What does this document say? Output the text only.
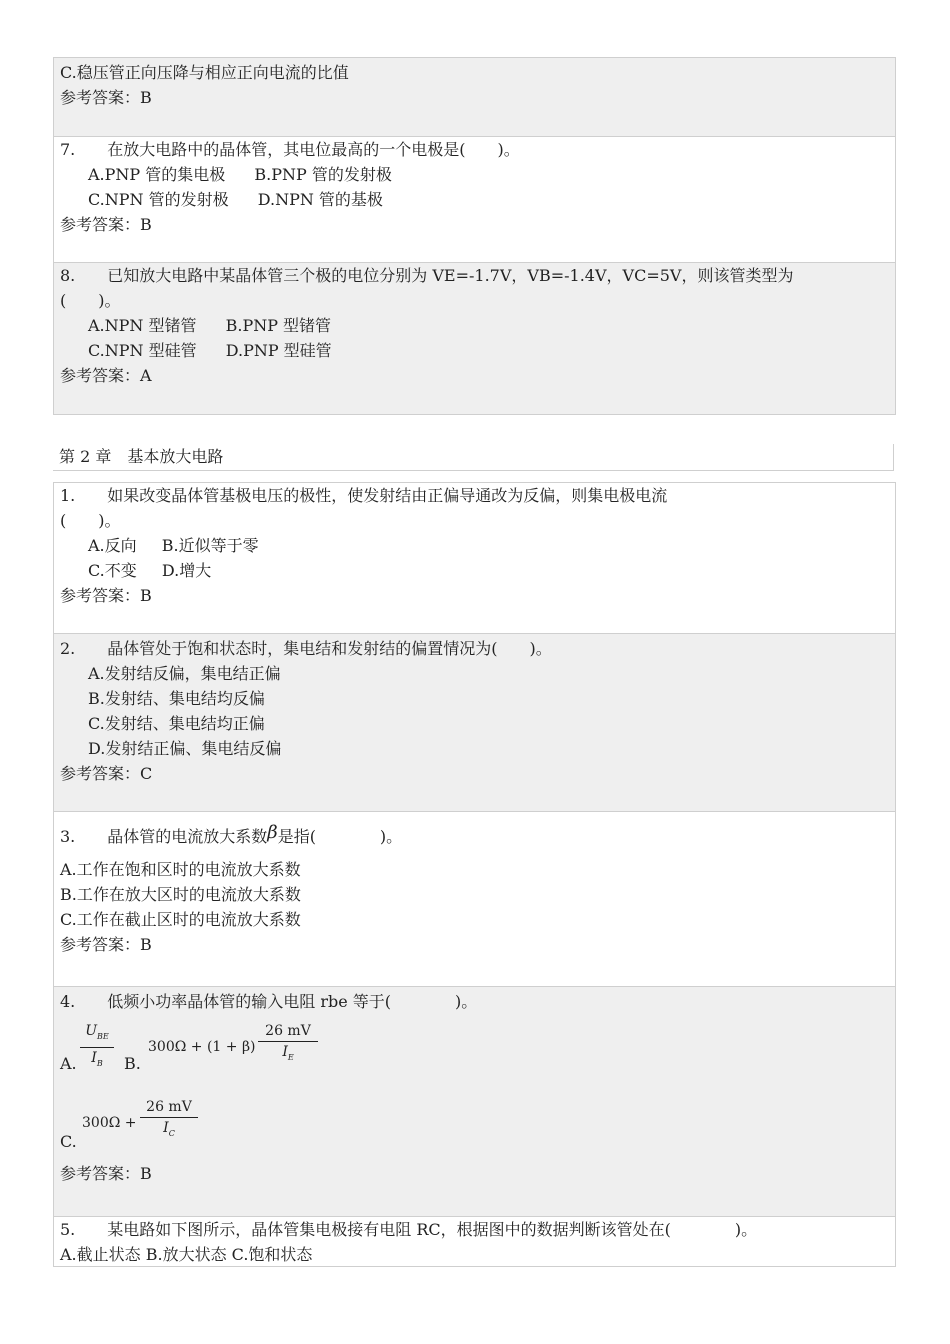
C.稳压管正向压降与相应正向电流的比值
参考答案：B
7.　　在放大电路中的晶体管，其电位最高的一个电极是(　　)。
A.PNP 管的集电极 B.PNP 管的发射极
C.NPN 管的发射极 D.NPN 管的基极
参考答案：B
8.　　已知放大电路中某晶体管三个极的电位分别为 VE=-1.7V，VB=-1.4V，VC=5V，则该管类型为
(　　)。
A.NPN 型锗管 B.PNP 型锗管
C.NPN 型硅管 D.PNP 型硅管
参考答案：A
第 2 章　基本放大电路
1.　　如果改变晶体管基极电压的极性，使发射结由正偏导通改为反偏，则集电极电流
(　　)。
A.反向 B.近似等于零
C.不变 D.增大
参考答案：B
2.　　晶体管处于饱和状态时，集电结和发射结的偏置情况为(　　)。
A.发射结反偏，集电结正偏
B.发射结、集电结均反偏
C.发射结、集电结均正偏
D.发射结正偏、集电结反偏
参考答案：C
3.　　晶体管的电流放大系数β是指(　　　　)。
A.工作在饱和区时的电流放大系数
B.工作在放大区时的电流放大系数
C.工作在截止区时的电流放大系数
参考答案：B
4.　　低频小功率晶体管的输入电阻 rbe 等于(　　　　)。
A.
$U_{BE}$
$I_B$	B.
300Ω + (1 + β)
26 mV
$I_E$
C.
300Ω +
26 mV
$I_C$
参考答案：B
5.　　某电路如下图所示，晶体管集电极接有电阻 RC，根据图中的数据判断该管处在(　　　　)。
A.截止状态 B.放大状态 C.饱和状态
